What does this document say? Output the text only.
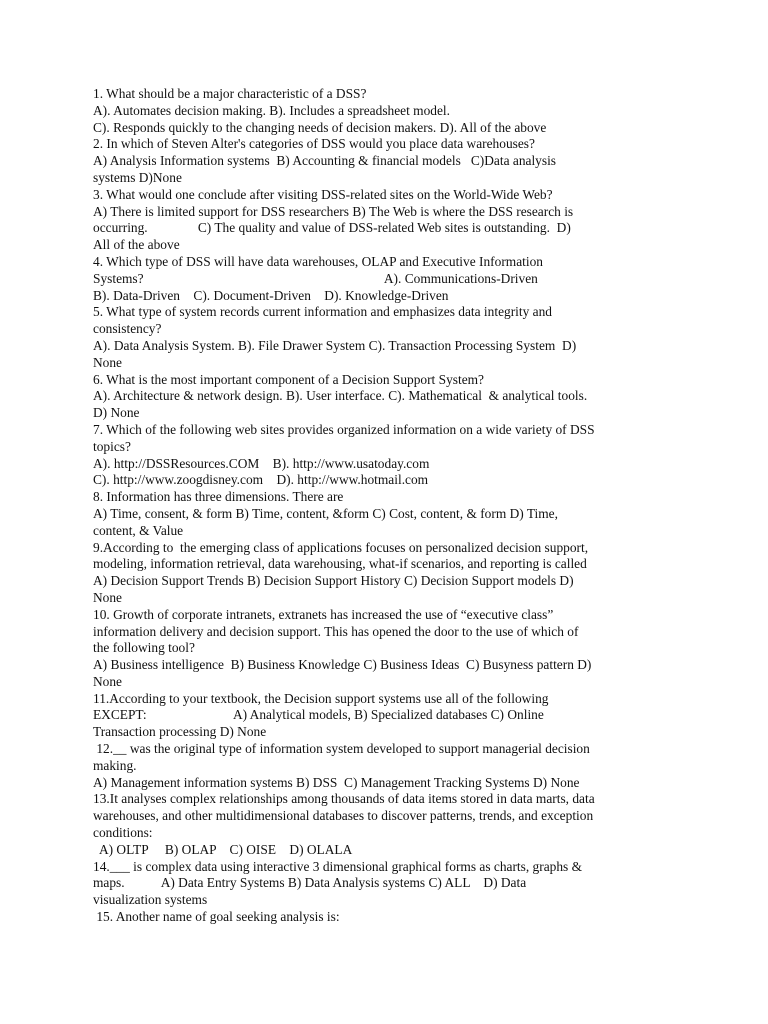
1. What should be a major characteristic of a DSS?
A). Automates decision making. B). Includes a spreadsheet model.
C). Responds quickly to the changing needs of decision makers. D). All of the above
2. In which of Steven Alter's categories of DSS would you place data warehouses?
A) Analysis Information systems  B) Accounting & financial models   C)Data analysis
systems D)None
3. What would one conclude after visiting DSS-related sites on the World-Wide Web?
A) There is limited support for DSS researchers B) The Web is where the DSS research is
occurring.               C) The quality and value of DSS-related Web sites is outstanding.  D)
All of the above
4. Which type of DSS will have data warehouses, OLAP and Executive Information
Systems?                                                                        A). Communications-Driven
B). Data-Driven    C). Document-Driven    D). Knowledge-Driven
5. What type of system records current information and emphasizes data integrity and
consistency?
A). Data Analysis System. B). File Drawer System C). Transaction Processing System  D)
None
6. What is the most important component of a Decision Support System?
A). Architecture & network design. B). User interface. C). Mathematical  & analytical tools.
D) None
7. Which of the following web sites provides organized information on a wide variety of DSS
topics?
A). http://DSSResources.COM    B). http://www.usatoday.com
C). http://www.zoogdisney.com    D). http://www.hotmail.com
8. Information has three dimensions. There are
A) Time, consent, & form B) Time, content, &form C) Cost, content, & form D) Time,
content, & Value
9.According to  the emerging class of applications focuses on personalized decision support,
modeling, information retrieval, data warehousing, what-if scenarios, and reporting is called
A) Decision Support Trends B) Decision Support History C) Decision Support models D)
None
10. Growth of corporate intranets, extranets has increased the use of “executive class”
information delivery and decision support. This has opened the door to the use of which of
the following tool?
A) Business intelligence  B) Business Knowledge C) Business Ideas  C) Busyness pattern D)
None
11.According to your textbook, the Decision support systems use all of the following
EXCEPT:                          A) Analytical models, B) Specialized databases C) Online
Transaction processing D) None
12.__ was the original type of information system developed to support managerial decision
making.
A) Management information systems B) DSS  C) Management Tracking Systems D) None
13.It analyses complex relationships among thousands of data items stored in data marts, data
warehouses, and other multidimensional databases to discover patterns, trends, and exception
conditions:
A) OLTP     B) OLAP    C) OISE    D) OLALA
14.___ is complex data using interactive 3 dimensional graphical forms as charts, graphs &
maps.           A) Data Entry Systems B) Data Analysis systems C) ALL    D) Data
visualization systems
15. Another name of goal seeking analysis is:
